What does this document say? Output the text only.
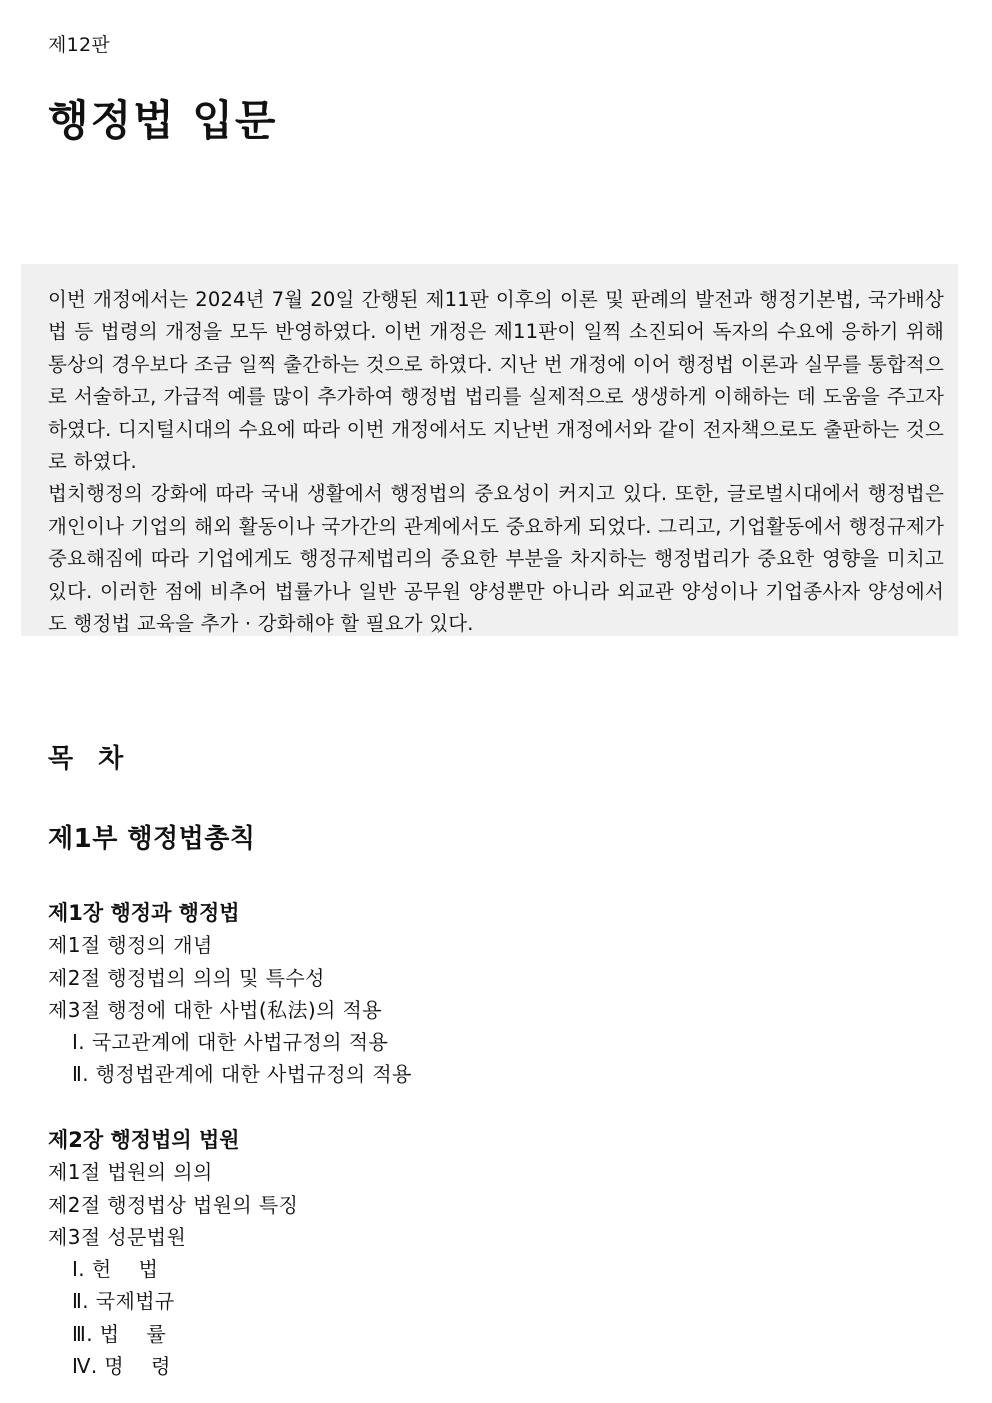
제12판
행정법 입문

이번 개정에서는 2024년 7월 20일 간행된 제11판 이후의 이론 및 판례의 발전과 행정기본법, 국가배상법 등 법령의 개정을 모두 반영하였다. 이번 개정은 제11판이 일찍 소진되어 독자의 수요에 응하기 위해 통상의 경우보다 조금 일찍 출간하는 것으로 하였다. 지난 번 개정에 이어 행정법 이론과 실무를 통합적으로 서술하고, 가급적 예를 많이 추가하여 행정법 법리를 실제적으로 생생하게 이해하는 데 도움을 주고자 하였다. 디지털시대의 수요에 따라 이번 개정에서도 지난번 개정에서와 같이 전자책으로도 출판하는 것으로 하였다.

법치행정의 강화에 따라 국내 생활에서 행정법의 중요성이 커지고 있다. 또한, 글로벌시대에서 행정법은 개인이나 기업의 해외 활동이나 국가간의 관계에서도 중요하게 되었다. 그리고, 기업활동에서 행정규제가 중요해짐에 따라 기업에게도 행정규제법리의 중요한 부분을 차지하는 행정법리가 중요한 영향을 미치고 있다. 이러한 점에 비추어 법률가나 일반 공무원 양성뿐만 아니라 외교관 양성이나 기업종사자 양성에서도 행정법 교육을 추가 · 강화해야 할 필요가 있다.

목 차
제1부 행정법총칙
제1장 행정과 행정법
제1절 행정의 개념
제2절 행정법의 의의 및 특수성
제3절 행정에 대한 사법(私法)의 적용
Ⅰ. 국고관계에 대한 사법규정의 적용
Ⅱ. 행정법관계에 대한 사법규정의 적용
제2장 행정법의 법원
제1절 법원의 의의
제2절 행정법상 법원의 특징
제3절 성문법원
Ⅰ. 헌    법
Ⅱ. 국제법규
Ⅲ. 법    률
Ⅳ. 명    령
